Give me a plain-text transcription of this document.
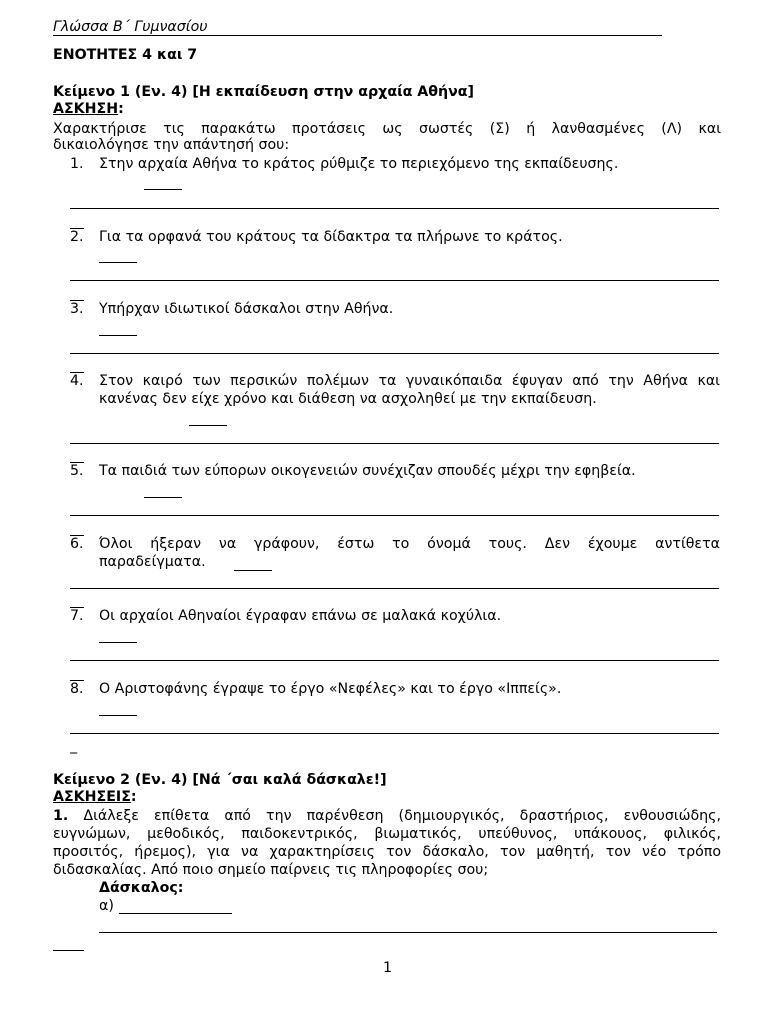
Γλώσσα Β΄ Γυμνασίου
ΕΝΟΤΗΤΕΣ 4 και 7
Κείμενο 1 (Εν. 4) [Η εκπαίδευση στην αρχαία Αθήνα]
ΑΣΚΗΣΗ:
Χαρακτήρισε τις παρακάτω προτάσεις ως σωστές (Σ) ή λανθασμένες (Λ) και
δικαιολόγησε την απάντησή σου:
1. Στην αρχαία Αθήνα το κράτος ρύθμιζε το περιεχόμενο της εκπαίδευσης.
2. Για τα ορφανά του κράτους τα δίδακτρα τα πλήρωνε το κράτος.
3. Υπήρχαν ιδιωτικοί δάσκαλοι στην Αθήνα.
4. Στον καιρό των περσικών πολέμων τα γυναικόπαιδα έφυγαν από την Αθήνα και
κανένας δεν είχε χρόνο και διάθεση να ασχοληθεί με την εκπαίδευση.
5. Τα παιδιά των εύπορων οικογενειών συνέχιζαν σπουδές μέχρι την εφηβεία.
6. Όλοι ήξεραν να γράφουν, έστω το όνομά τους. Δεν έχουμε αντίθετα
παραδείγματα.
7. Οι αρχαίοι Αθηναίοι έγραφαν επάνω σε μαλακά κοχύλια.
8. Ο Αριστοφάνης έγραψε το έργο «Νεφέλες» και το έργο «Ιππείς».
_
Κείμενο 2 (Εν. 4) [Νά ΄σαι καλά δάσκαλε!]
ΑΣΚΗΣΕΙΣ:
1. Διάλεξε επίθετα από την παρένθεση (δημιουργικός, δραστήριος, ενθουσιώδης,
ευγνώμων, μεθοδικός, παιδοκεντρικός, βιωματικός, υπεύθυνος, υπάκουος, φιλικός,
προσιτός, ήρεμος), για να χαρακτηρίσεις τον δάσκαλο, τον μαθητή, τον νέο τρόπο
διδασκαλίας. Από ποιο σημείο παίρνεις τις πληροφορίες σου;
Δάσκαλος:
α)
1
